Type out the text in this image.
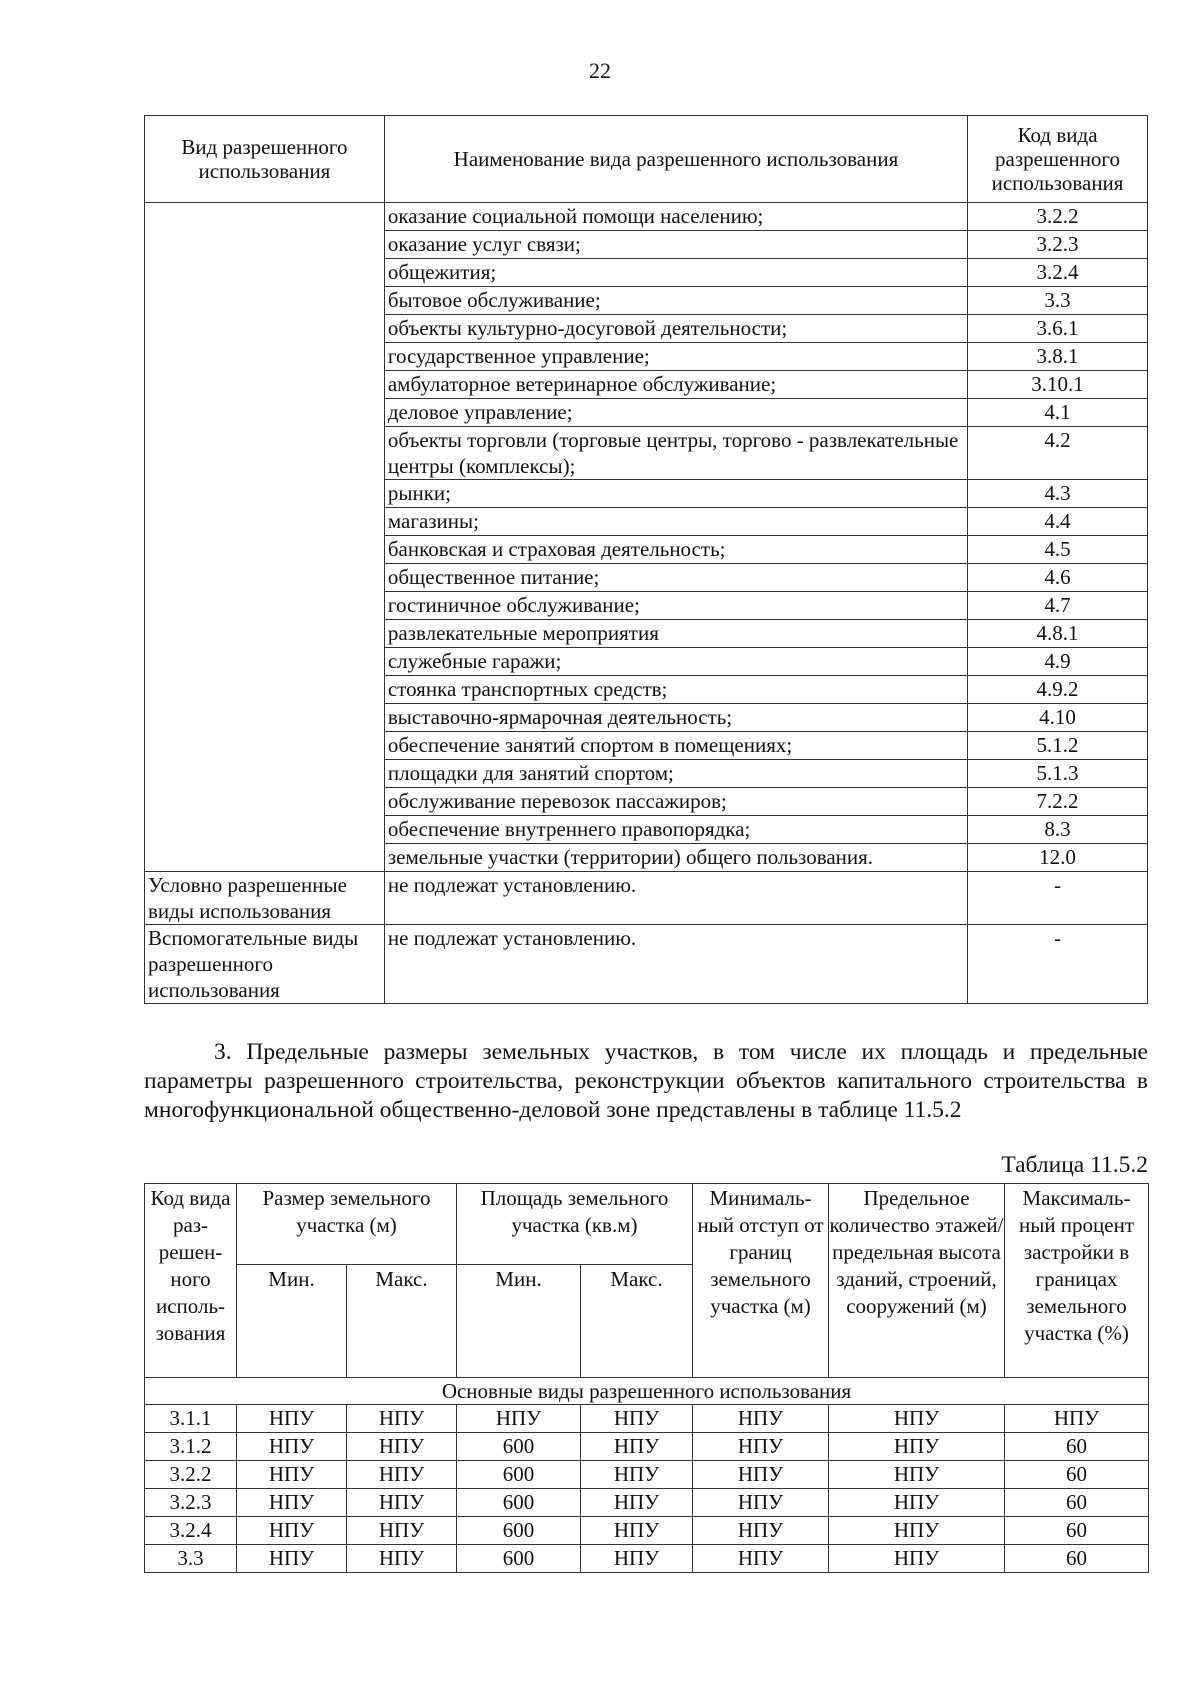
22
Вид разрешенного использования	Наименование вида разрешенного использования	Код вида разрешенного использования
	оказание социальной помощи населению;	3.2.2
	оказание услуг связи;	3.2.3
	общежития;	3.2.4
	бытовое обслуживание;	3.3
	объекты культурно-досуговой деятельности;	3.6.1
	государственное управление;	3.8.1
	амбулаторное ветеринарное обслуживание;	3.10.1
	деловое управление;	4.1
	объекты торговли (торговые центры, торгово - развлекательные центры (комплексы);	4.2
	рынки;	4.3
	магазины;	4.4
	банковская и страховая деятельность;	4.5
	общественное питание;	4.6
	гостиничное обслуживание;	4.7
	развлекательные мероприятия	4.8.1
	служебные гаражи;	4.9
	стоянка транспортных средств;	4.9.2
	выставочно-ярмарочная деятельность;	4.10
	обеспечение занятий спортом в помещениях;	5.1.2
	площадки для занятий спортом;	5.1.3
	обслуживание перевозок пассажиров;	7.2.2
	обеспечение внутреннего правопорядка;	8.3
	земельные участки (территории) общего пользования.	12.0
Условно разрешенные виды использования	не подлежат установлению.	-
Вспомогательные виды разрешенного использования	не подлежат установлению.	-

3. Предельные размеры земельных участков, в том числе их площадь и предельные параметры разрешенного строительства, реконструкции объектов капитального строительства в многофункциональной общественно-деловой зоне представлены в таблице 11.5.2

Таблица 11.5.2
Код вида раз-решен-ного исполь-зования	Размер земельного участка (м)		Площадь земельного участка (кв.м)		Минималь-ный отступ от границ земельного участка (м)	Предельное количество этажей/ предельная высота зданий, строений, сооружений (м)	Максималь-ный процент застройки в границах земельного участка (%)
	Мин.	Макс.	Мин.	Макс.			
Основные виды разрешенного использования							
3.1.1	НПУ	НПУ	НПУ	НПУ	НПУ	НПУ	НПУ
3.1.2	НПУ	НПУ	600	НПУ	НПУ	НПУ	60
3.2.2	НПУ	НПУ	600	НПУ	НПУ	НПУ	60
3.2.3	НПУ	НПУ	600	НПУ	НПУ	НПУ	60
3.2.4	НПУ	НПУ	600	НПУ	НПУ	НПУ	60
3.3	НПУ	НПУ	600	НПУ	НПУ	НПУ	60
